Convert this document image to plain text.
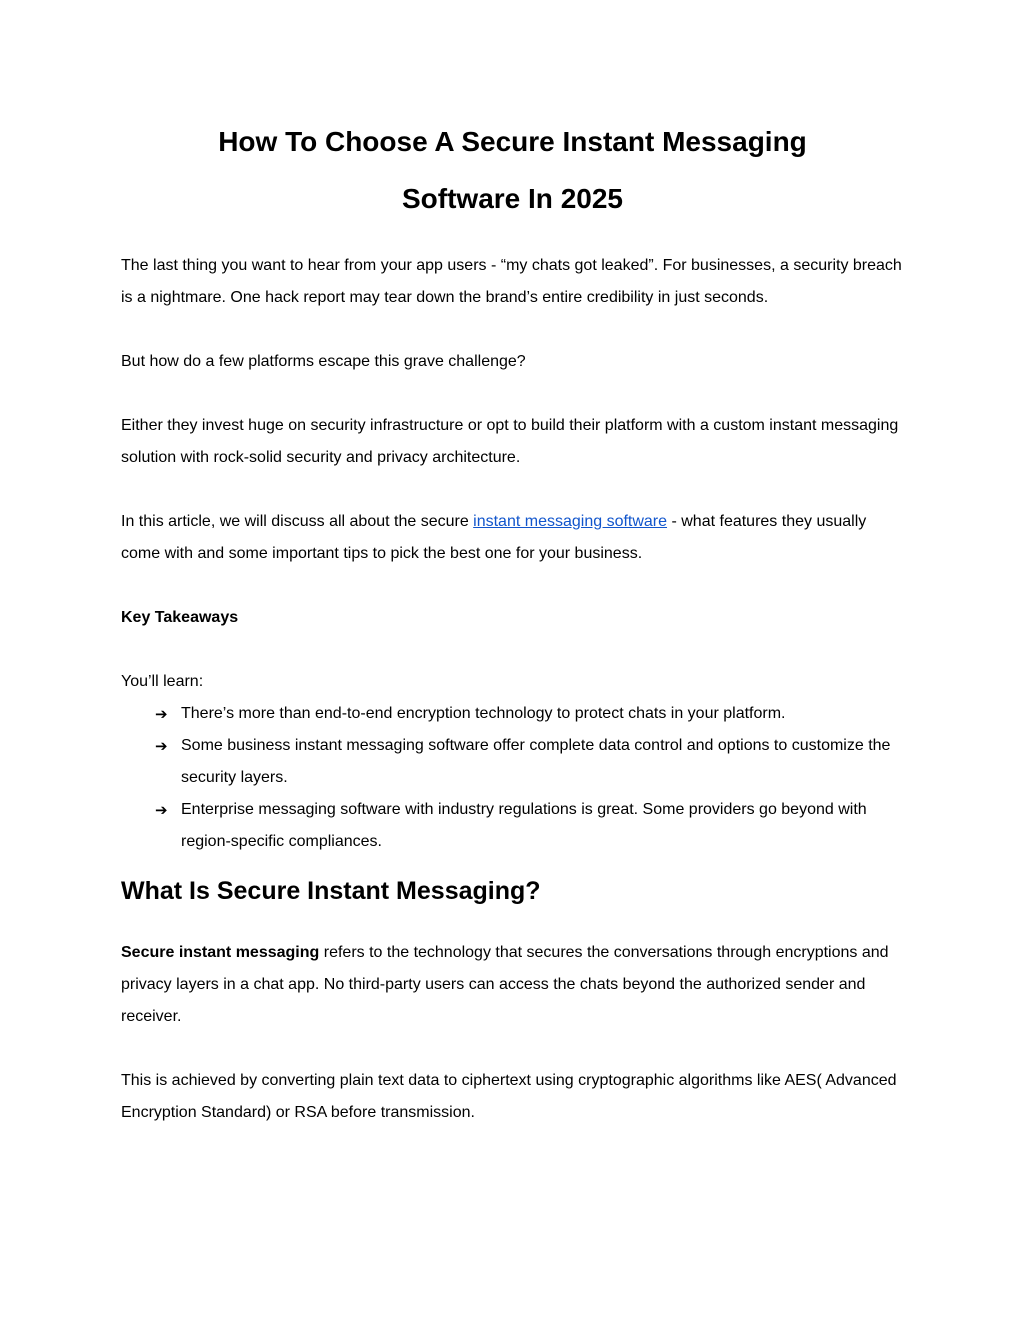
How To Choose A Secure Instant Messaging
Software In 2025

The last thing you want to hear from your app users - “my chats got leaked”. For businesses, a security breach is a nightmare. One hack report may tear down the brand’s entire credibility in just seconds.

But how do a few platforms escape this grave challenge?

Either they invest huge on security infrastructure or opt to build their platform with a custom instant messaging solution with rock-solid security and privacy architecture.

In this article, we will discuss all about the secure instant messaging software - what features they usually come with and some important tips to pick the best one for your business.

Key Takeaways

You’ll learn:

➔ There’s more than end-to-end encryption technology to protect chats in your platform.
➔ Some business instant messaging software offer complete data control and options to customize the security layers.
➔ Enterprise messaging software with industry regulations is great. Some providers go beyond with region-specific compliances.
What Is Secure Instant Messaging?

Secure instant messaging refers to the technology that secures the conversations through encryptions and privacy layers in a chat app. No third-party users can access the chats beyond the authorized sender and receiver.

This is achieved by converting plain text data to ciphertext using cryptographic algorithms like AES( Advanced Encryption Standard) or RSA before transmission.
